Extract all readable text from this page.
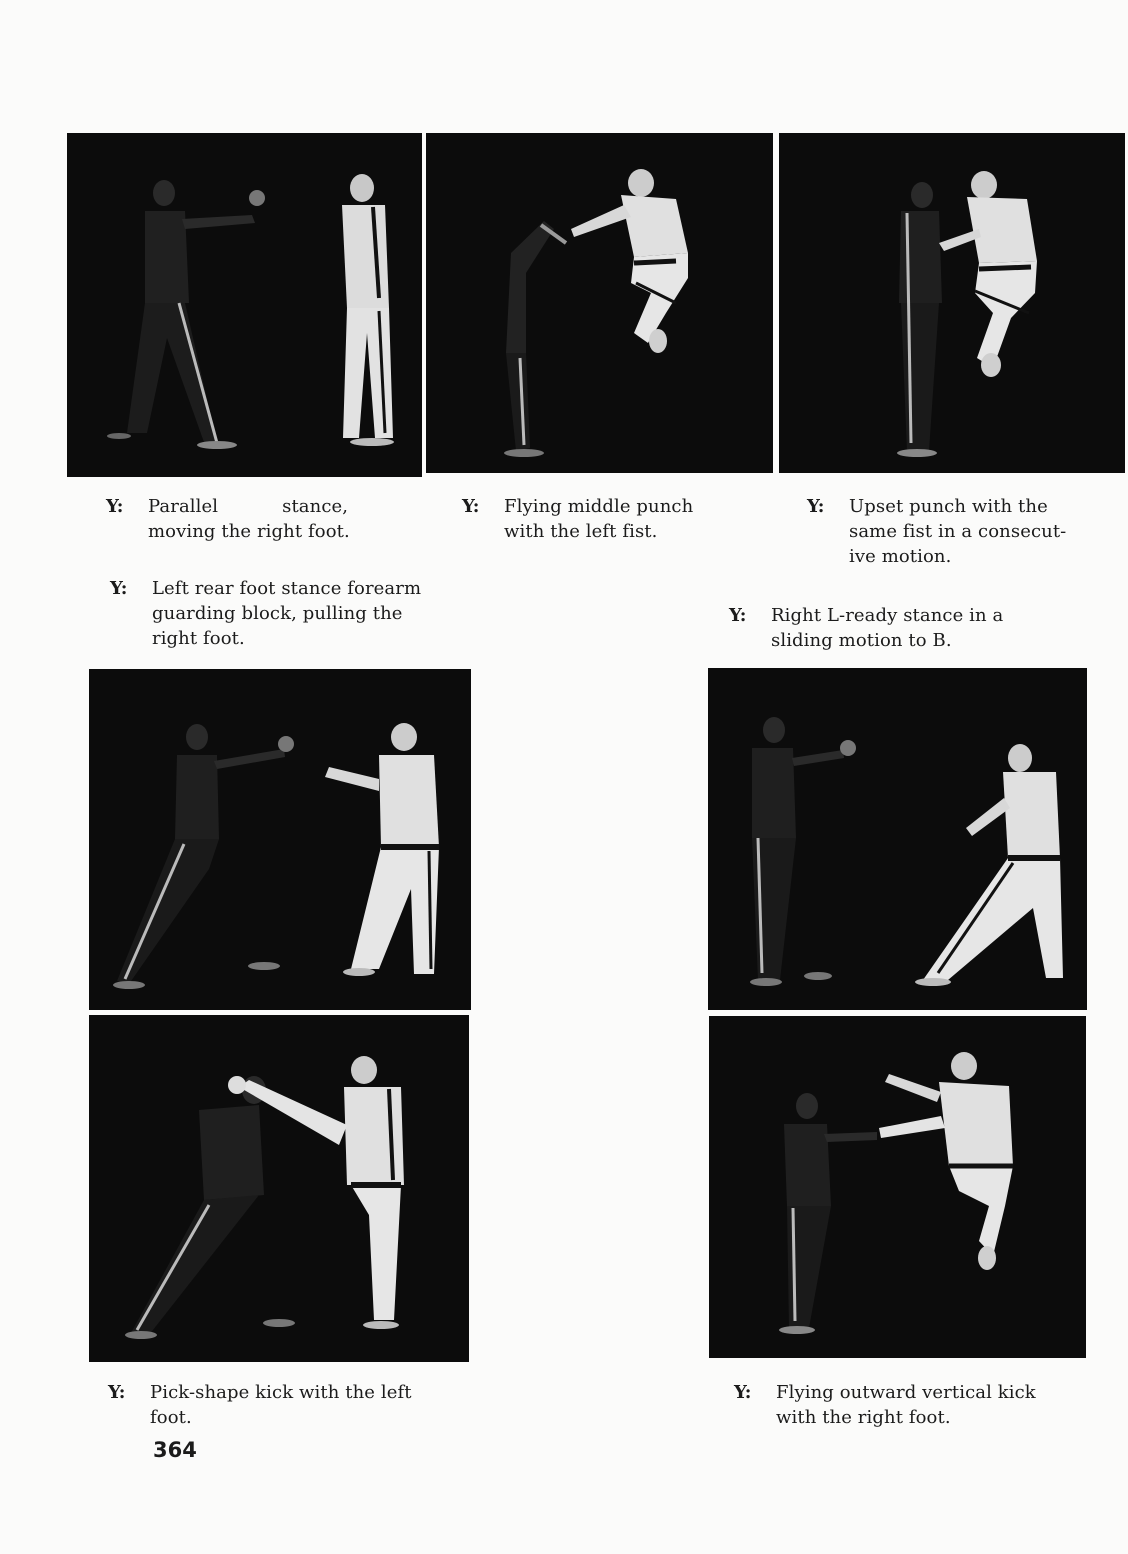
Y: Parallel           stance,
moving the right foot.
Y: Flying middle punch
with the left fist.
Y: Upset punch with the
same fist in a consecut-
ive motion.
Y: Left rear foot stance forearm
guarding block, pulling the
right foot.
Y: Right L-ready stance in a
sliding motion to B.
Y: Pick-shape kick with the left
foot.
Y: Flying outward vertical kick
with the right foot.
364
